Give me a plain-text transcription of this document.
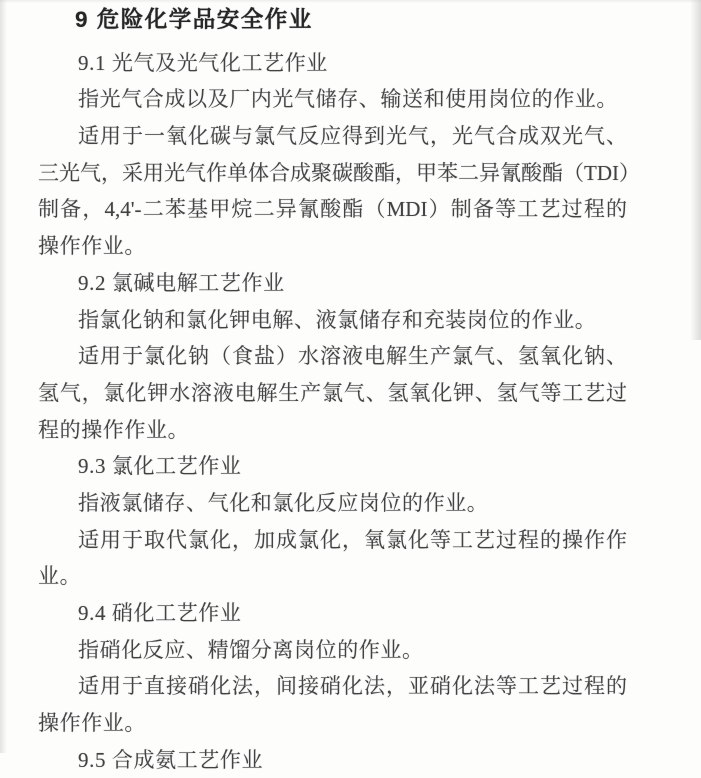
9 危险化学品安全作业
9.1 光气及光气化工艺作业
指光气合成以及厂内光气储存、输送和使用岗位的作业。
适用于一氧化碳与氯气反应得到光气，光气合成双光气、
三光气，采用光气作单体合成聚碳酸酯，甲苯二异氰酸酯（TDI）
制备，4,4'-二苯基甲烷二异氰酸酯（MDI）制备等工艺过程的
操作作业。
9.2 氯碱电解工艺作业
指氯化钠和氯化钾电解、液氯储存和充装岗位的作业。
适用于氯化钠（食盐）水溶液电解生产氯气、氢氧化钠、
氢气，氯化钾水溶液电解生产氯气、氢氧化钾、氢气等工艺过
程的操作作业。
9.3 氯化工艺作业
指液氯储存、气化和氯化反应岗位的作业。
适用于取代氯化，加成氯化，氧氯化等工艺过程的操作作
业。
9.4 硝化工艺作业
指硝化反应、精馏分离岗位的作业。
适用于直接硝化法，间接硝化法，亚硝化法等工艺过程的
操作作业。
9.5 合成氨工艺作业
